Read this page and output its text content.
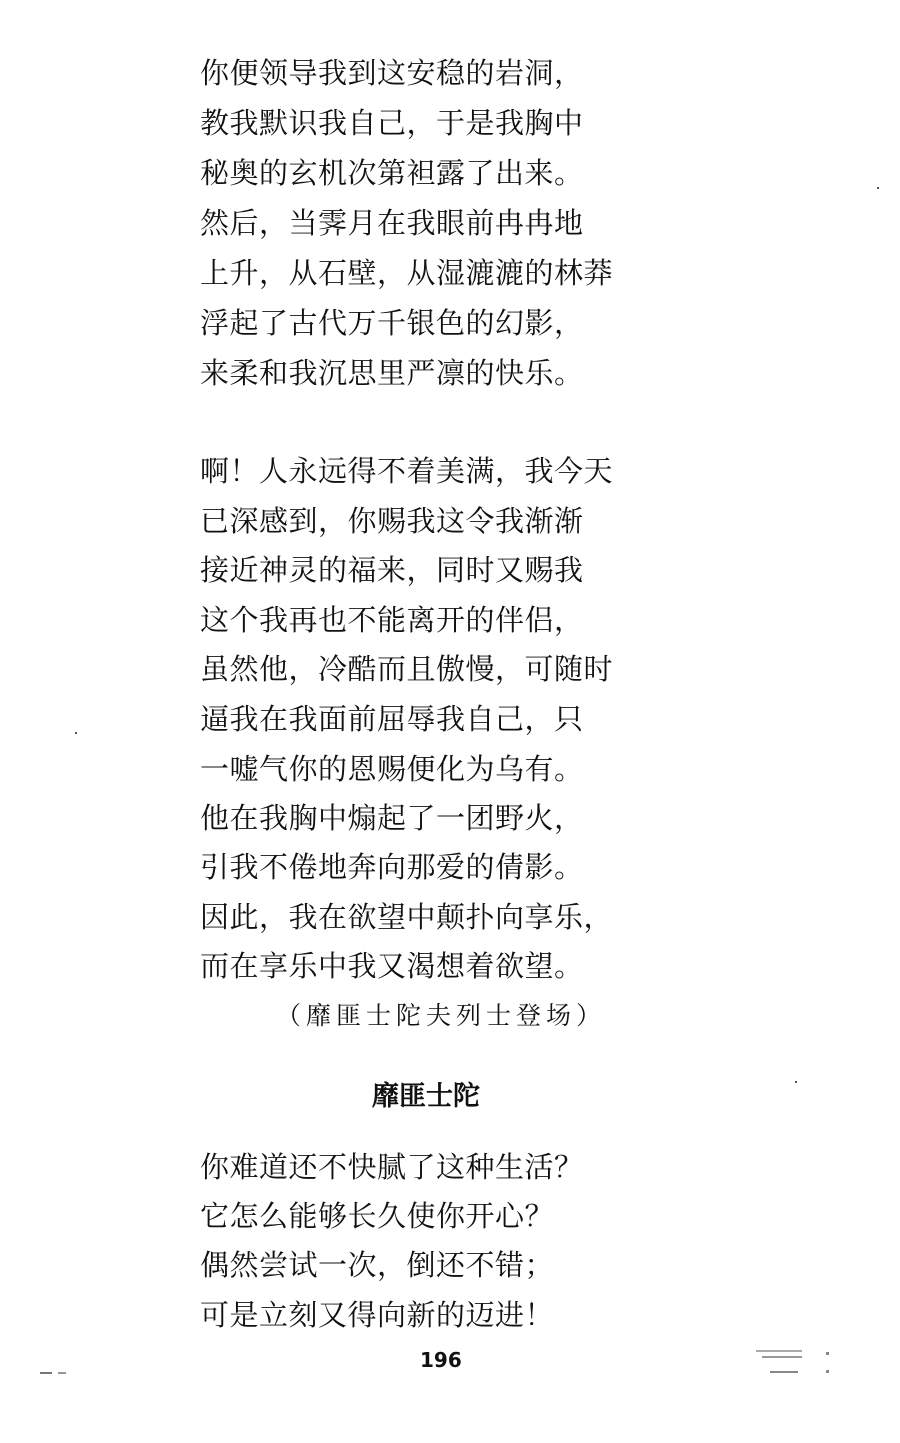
你便领导我到这安稳的岩洞，
教我默识我自己，于是我胸中
秘奥的玄机次第袒露了出来。
然后，当霁月在我眼前冉冉地
上升，从石壁，从湿漉漉的林莽
浮起了古代万千银色的幻影，
来柔和我沉思里严凛的快乐。
啊！人永远得不着美满，我今天
已深感到，你赐我这令我渐渐
接近神灵的福来，同时又赐我
这个我再也不能离开的伴侣，
虽然他，冷酷而且傲慢，可随时
逼我在我面前屈辱我自己，只
一嘘气你的恩赐便化为乌有。
他在我胸中煽起了一团野火，
引我不倦地奔向那爱的倩影。
因此，我在欲望中颠扑向享乐，
而在享乐中我又渴想着欲望。
（靡匪士陀夫列士登场）
靡匪士陀
你难道还不快腻了这种生活？
它怎么能够长久使你开心？
偶然尝试一次，倒还不错；
可是立刻又得向新的迈进！
196
